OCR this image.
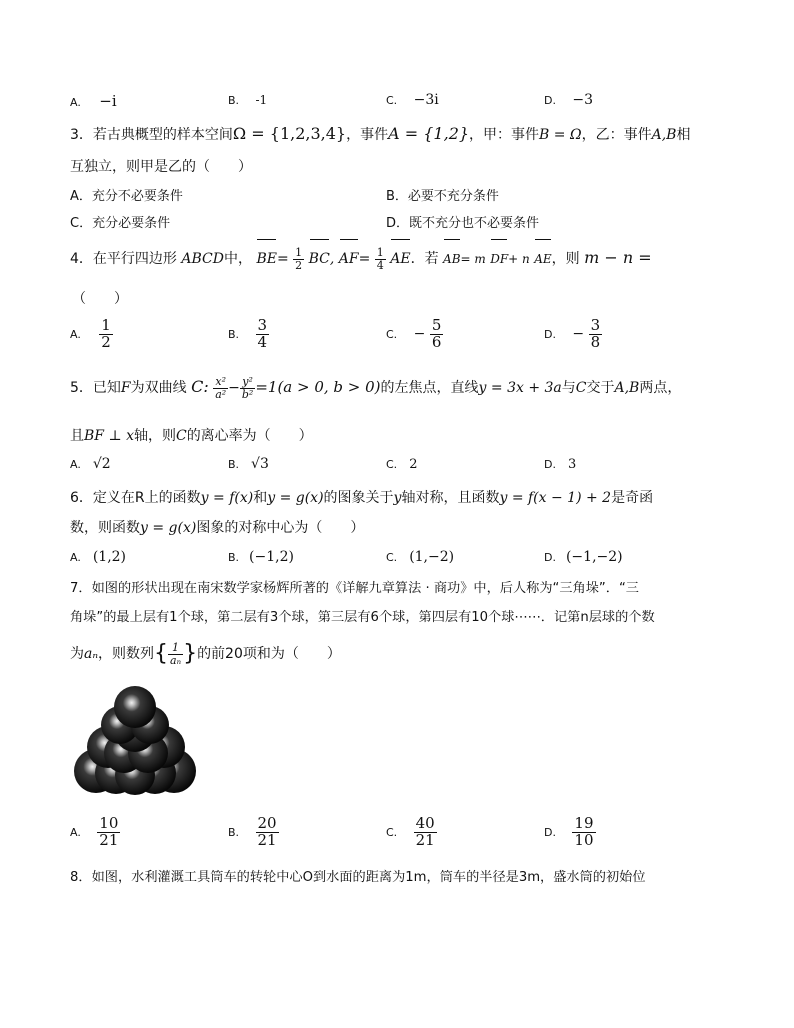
A. −i	B. -1	C. −3i	D. −3
3．若古典概型的样本空间Ω = {1,2,3,4}，事件A = {1,2}，甲：事件B = Ω，乙：事件A,B相
互独立，则甲是乙的（　　）
A．充分不必要条件	B．必要不充分条件
C．充分必要条件	D．既不充分也不必要条件
4．在平行四边形 ABCD中， $BE= \frac{1}{2}$ BC, $AF= \frac{1}{4}$ AE．若 AB= m DF+ n AE，则 m − n =
（　　）
A. $\frac{1}{2}$	B. $\frac{3}{4}$	C. − $\frac{5}{6}$	D. − $\frac{3}{8}$
5．已知F为双曲线 C: $\frac{\text{x²}}{\text{a²}} - \frac{\text{y²}}{\text{b²}} =1(a > 0$, b > 0)的左焦点，直线y = 3x + 3a与C交于A,B两点，
且BF ⊥ x轴，则C的离心率为（　　）
A. √2	B. √3	C. 2	D. 3
6．定义在R上的函数y = f(x)和y = g(x)的图象关于y轴对称，且函数y = f(x − 1) + 2是奇函
数，则函数y = g(x)图象的对称中心为（　　）
A. (1,2)	B. (−1,2)	C. (1,−2)	D. (−1,−2)
7．如图的形状出现在南宋数学家杨辉所著的《详解九章算法 · 商功》中，后人称为“三角垛”．“三
角垛”的最上层有1个球，第二层有3个球，第三层有6个球，第四层有10个球⋯⋯．记第n层球的个数
为aₙ，则数列{ $\frac{1}{\text{aₙ}}$ }的前20项和为（　　）
A. $\frac{10}{21}$	B. $\frac{20}{21}$	C. $\frac{40}{21}$	D. $\frac{19}{10}$
8．如图，水利灌溉工具筒车的转轮中心O到水面的距离为1m，筒车的半径是3m，盛水筒的初始位
